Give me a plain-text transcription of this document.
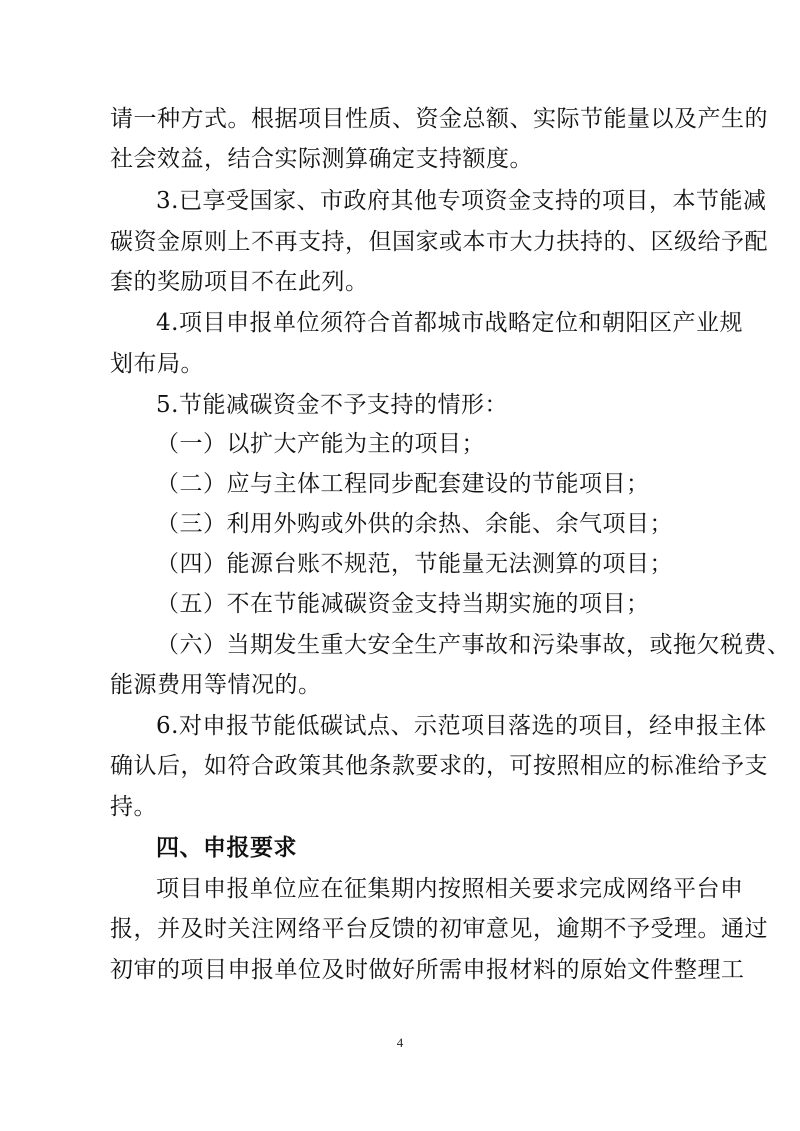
请一种方式。根据项目性质、资金总额、实际节能量以及产生的
社会效益，结合实际测算确定支持额度。
3.已享受国家、市政府其他专项资金支持的项目，本节能减
碳资金原则上不再支持，但国家或本市大力扶持的、区级给予配
套的奖励项目不在此列。
4.项目申报单位须符合首都城市战略定位和朝阳区产业规
划布局。
5.节能减碳资金不予支持的情形：
（一）以扩大产能为主的项目；
（二）应与主体工程同步配套建设的节能项目；
（三）利用外购或外供的余热、余能、余气项目；
（四）能源台账不规范，节能量无法测算的项目；
（五）不在节能减碳资金支持当期实施的项目；
（六）当期发生重大安全生产事故和污染事故，或拖欠税费、
能源费用等情况的。
6.对申报节能低碳试点、示范项目落选的项目，经申报主体
确认后，如符合政策其他条款要求的，可按照相应的标准给予支
持。
四、申报要求
项目申报单位应在征集期内按照相关要求完成网络平台申
报，并及时关注网络平台反馈的初审意见，逾期不予受理。通过
初审的项目申报单位及时做好所需申报材料的原始文件整理工
4
